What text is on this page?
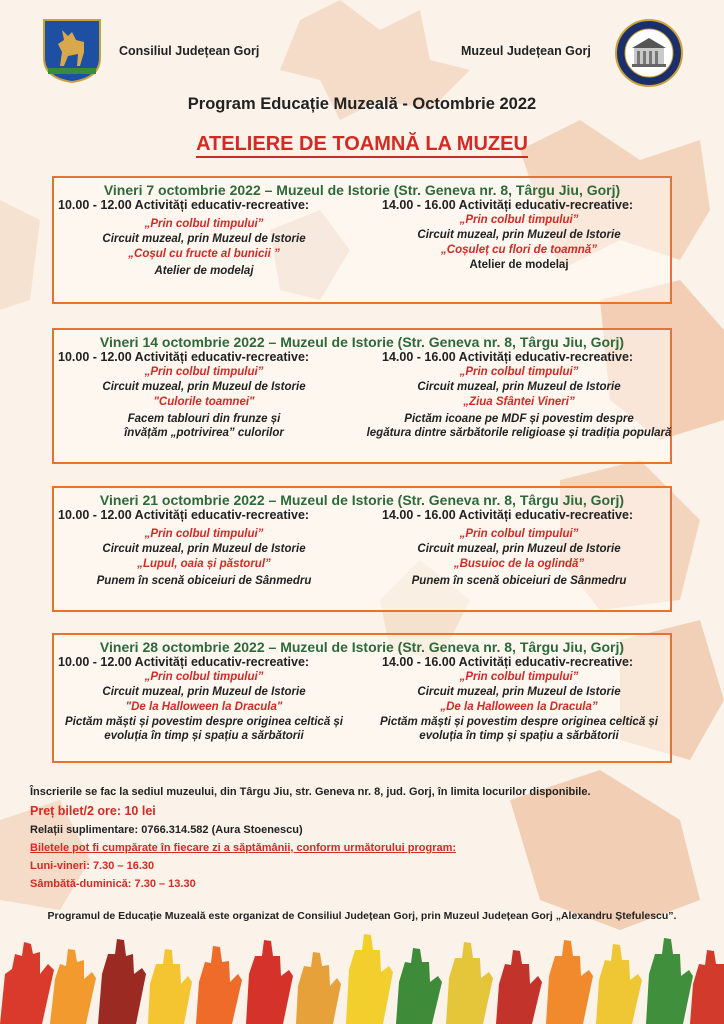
Consiliul Județean Gorj	Muzeul Județean Gorj
Program Educație Muzeală - Octombrie 2022
ATELIERE DE TOAMNĂ LA MUZEU
Vineri 7 octombrie 2022 – Muzeul de Istorie (Str. Geneva nr. 8, Târgu Jiu, Gorj)
10.00 - 12.00 Activități educativ-recreative:
„Prin colbul timpului”
Circuit muzeal, prin Muzeul de Istorie
„Coșul cu fructe al bunicii ”
Atelier de modelaj
14.00 - 16.00 Activități educativ-recreative:
„Prin colbul timpului”
Circuit muzeal, prin Muzeul de Istorie
„Coșuleț cu flori de toamnă”
Atelier de modelaj
Vineri 14 octombrie 2022 – Muzeul de Istorie (Str. Geneva nr. 8, Târgu Jiu, Gorj)
10.00 - 12.00 Activități educativ-recreative:
„Prin colbul timpului”
Circuit muzeal, prin Muzeul de Istorie
"Culorile toamnei"
Facem tablouri din frunze și
învățăm „potrivirea” culorilor
14.00 - 16.00 Activități educativ-recreative:
„Prin colbul timpului”
Circuit muzeal, prin Muzeul de Istorie
„Ziua Sfântei Vineri”
Pictăm icoane pe MDF și povestim despre
legătura dintre sărbătorile religioase și tradiția populară
Vineri 21 octombrie 2022 – Muzeul de Istorie (Str. Geneva nr. 8, Târgu Jiu, Gorj)
10.00 - 12.00 Activități educativ-recreative:
„Prin colbul timpului”
Circuit muzeal, prin Muzeul de Istorie
„Lupul, oaia și păstorul”
Punem în scenă obiceiuri de Sânmedru
14.00 - 16.00 Activități educativ-recreative:
„Prin colbul timpului”
Circuit muzeal, prin Muzeul de Istorie
„Busuioc de la oglindă”
Punem în scenă obiceiuri de Sânmedru
Vineri 28 octombrie 2022 – Muzeul de Istorie (Str. Geneva nr. 8, Târgu Jiu, Gorj)
10.00 - 12.00 Activități educativ-recreative:
„Prin colbul timpului”
Circuit muzeal, prin Muzeul de Istorie
"De la Halloween la Dracula"
Pictăm măști și povestim despre originea celtică și
evoluția în timp și spațiu a sărbătorii
14.00 - 16.00 Activități educativ-recreative:
„Prin colbul timpului”
Circuit muzeal, prin Muzeul de Istorie
„De la Halloween la Dracula”
Pictăm măști și povestim despre originea celtică și
evoluția în timp și spațiu a sărbătorii
Înscrierile se fac la sediul muzeului, din Târgu Jiu, str. Geneva nr. 8, jud. Gorj, în limita locurilor disponibile.
Preț bilet/2 ore: 10 lei
Relații suplimentare: 0766.314.582 (Aura Stoenescu)
Biletele pot fi cumpărate în fiecare zi a săptămânii, conform următorului program:
Luni-vineri: 7.30 – 16.30
Sâmbătă-duminică: 7.30 – 13.30
Programul de Educație Muzeală este organizat de Consiliul Județean Gorj, prin Muzeul Județean Gorj „Alexandru Ștefulescu”.
